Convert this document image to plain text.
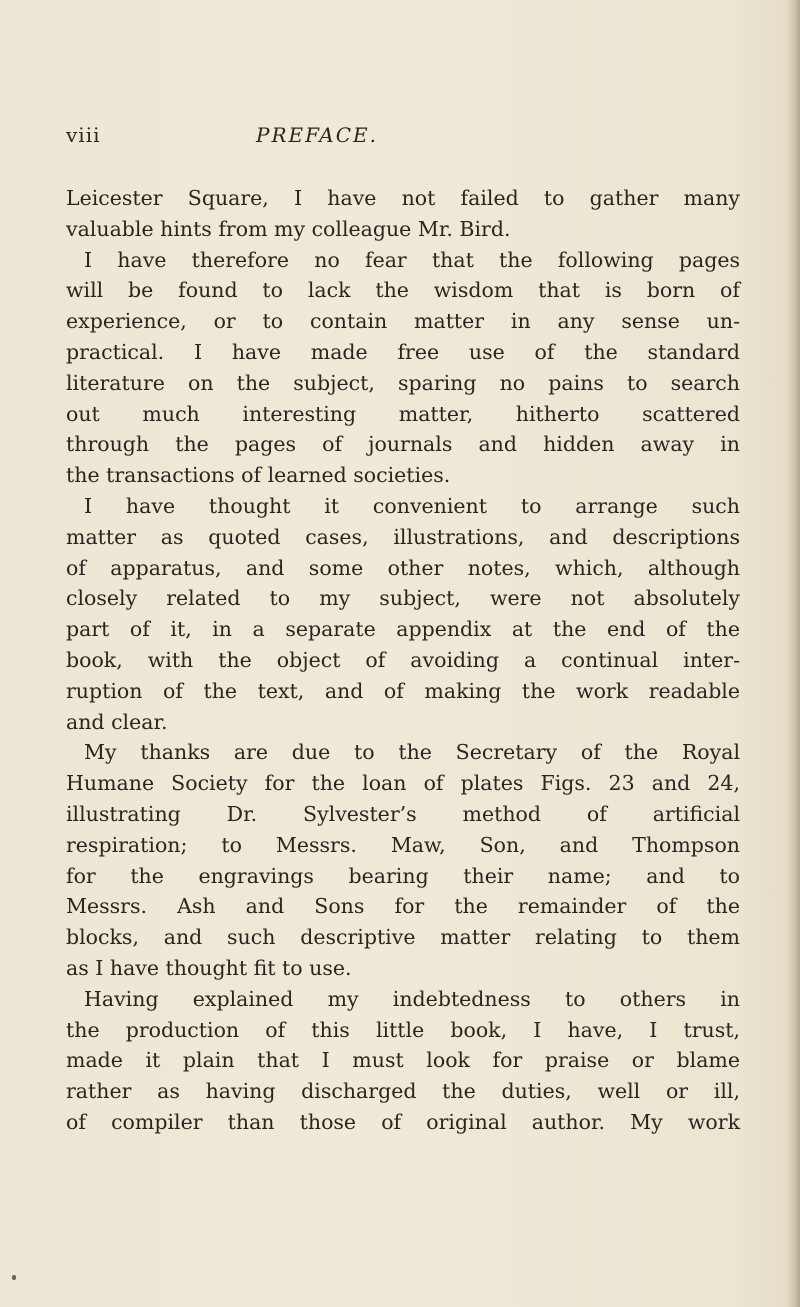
viii	PREFACE.
Leicester Square, I have not failed to gather many
valuable hints from my colleague Mr. Bird.
I have therefore no fear that the following pages
will be found to lack the wisdom that is born of
experience, or to contain matter in any sense un-
practical. I have made free use of the standard
literature on the subject, sparing no pains to search
out much interesting matter, hitherto scattered
through the pages of journals and hidden away in
the transactions of learned societies.
I have thought it convenient to arrange such
matter as quoted cases, illustrations, and descriptions
of apparatus, and some other notes, which, although
closely related to my subject, were not absolutely
part of it, in a separate appendix at the end of the
book, with the object of avoiding a continual inter-
ruption of the text, and of making the work readable
and clear.
My thanks are due to the Secretary of the Royal
Humane Society for the loan of plates Figs. 23 and 24,
illustrating Dr. Sylvester’s method of artificial
respiration; to Messrs. Maw, Son, and Thompson
for the engravings bearing their name; and to
Messrs. Ash and Sons for the remainder of the
blocks, and such descriptive matter relating to them
as I have thought fit to use.
Having explained my indebtedness to others in
the production of this little book, I have, I trust,
made it plain that I must look for praise or blame
rather as having discharged the duties, well or ill,
of compiler than those of original author. My work
